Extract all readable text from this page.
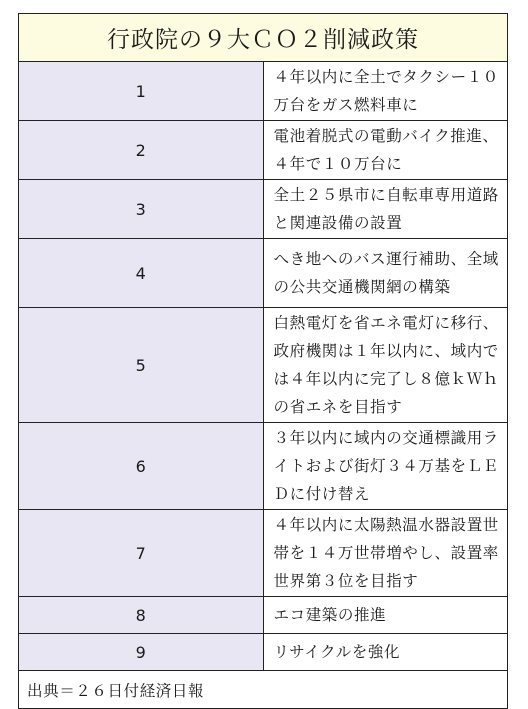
行政院の９大ＣＯ２削減政策	
1	４年以内に全土でタクシー１０万台をガス燃料車に
2	電池着脱式の電動バイク推進、４年で１０万台に
3	全土２５県市に自転車専用道路と関連設備の設置
4	へき地へのバス運行補助、全域の公共交通機関網の構築
5	白熱電灯を省エネ電灯に移行、政府機関は１年以内に、域内では４年以内に完了し８億ｋＷｈの省エネを目指す
6	３年以内に域内の交通標識用ライトおよび街灯３４万基をＬＥＤに付け替え
7	４年以内に太陽熱温水器設置世帯を１４万世帯増やし、設置率世界第３位を目指す
8	エコ建築の推進
9	リサイクルを強化
出典＝２６日付経済日報	
